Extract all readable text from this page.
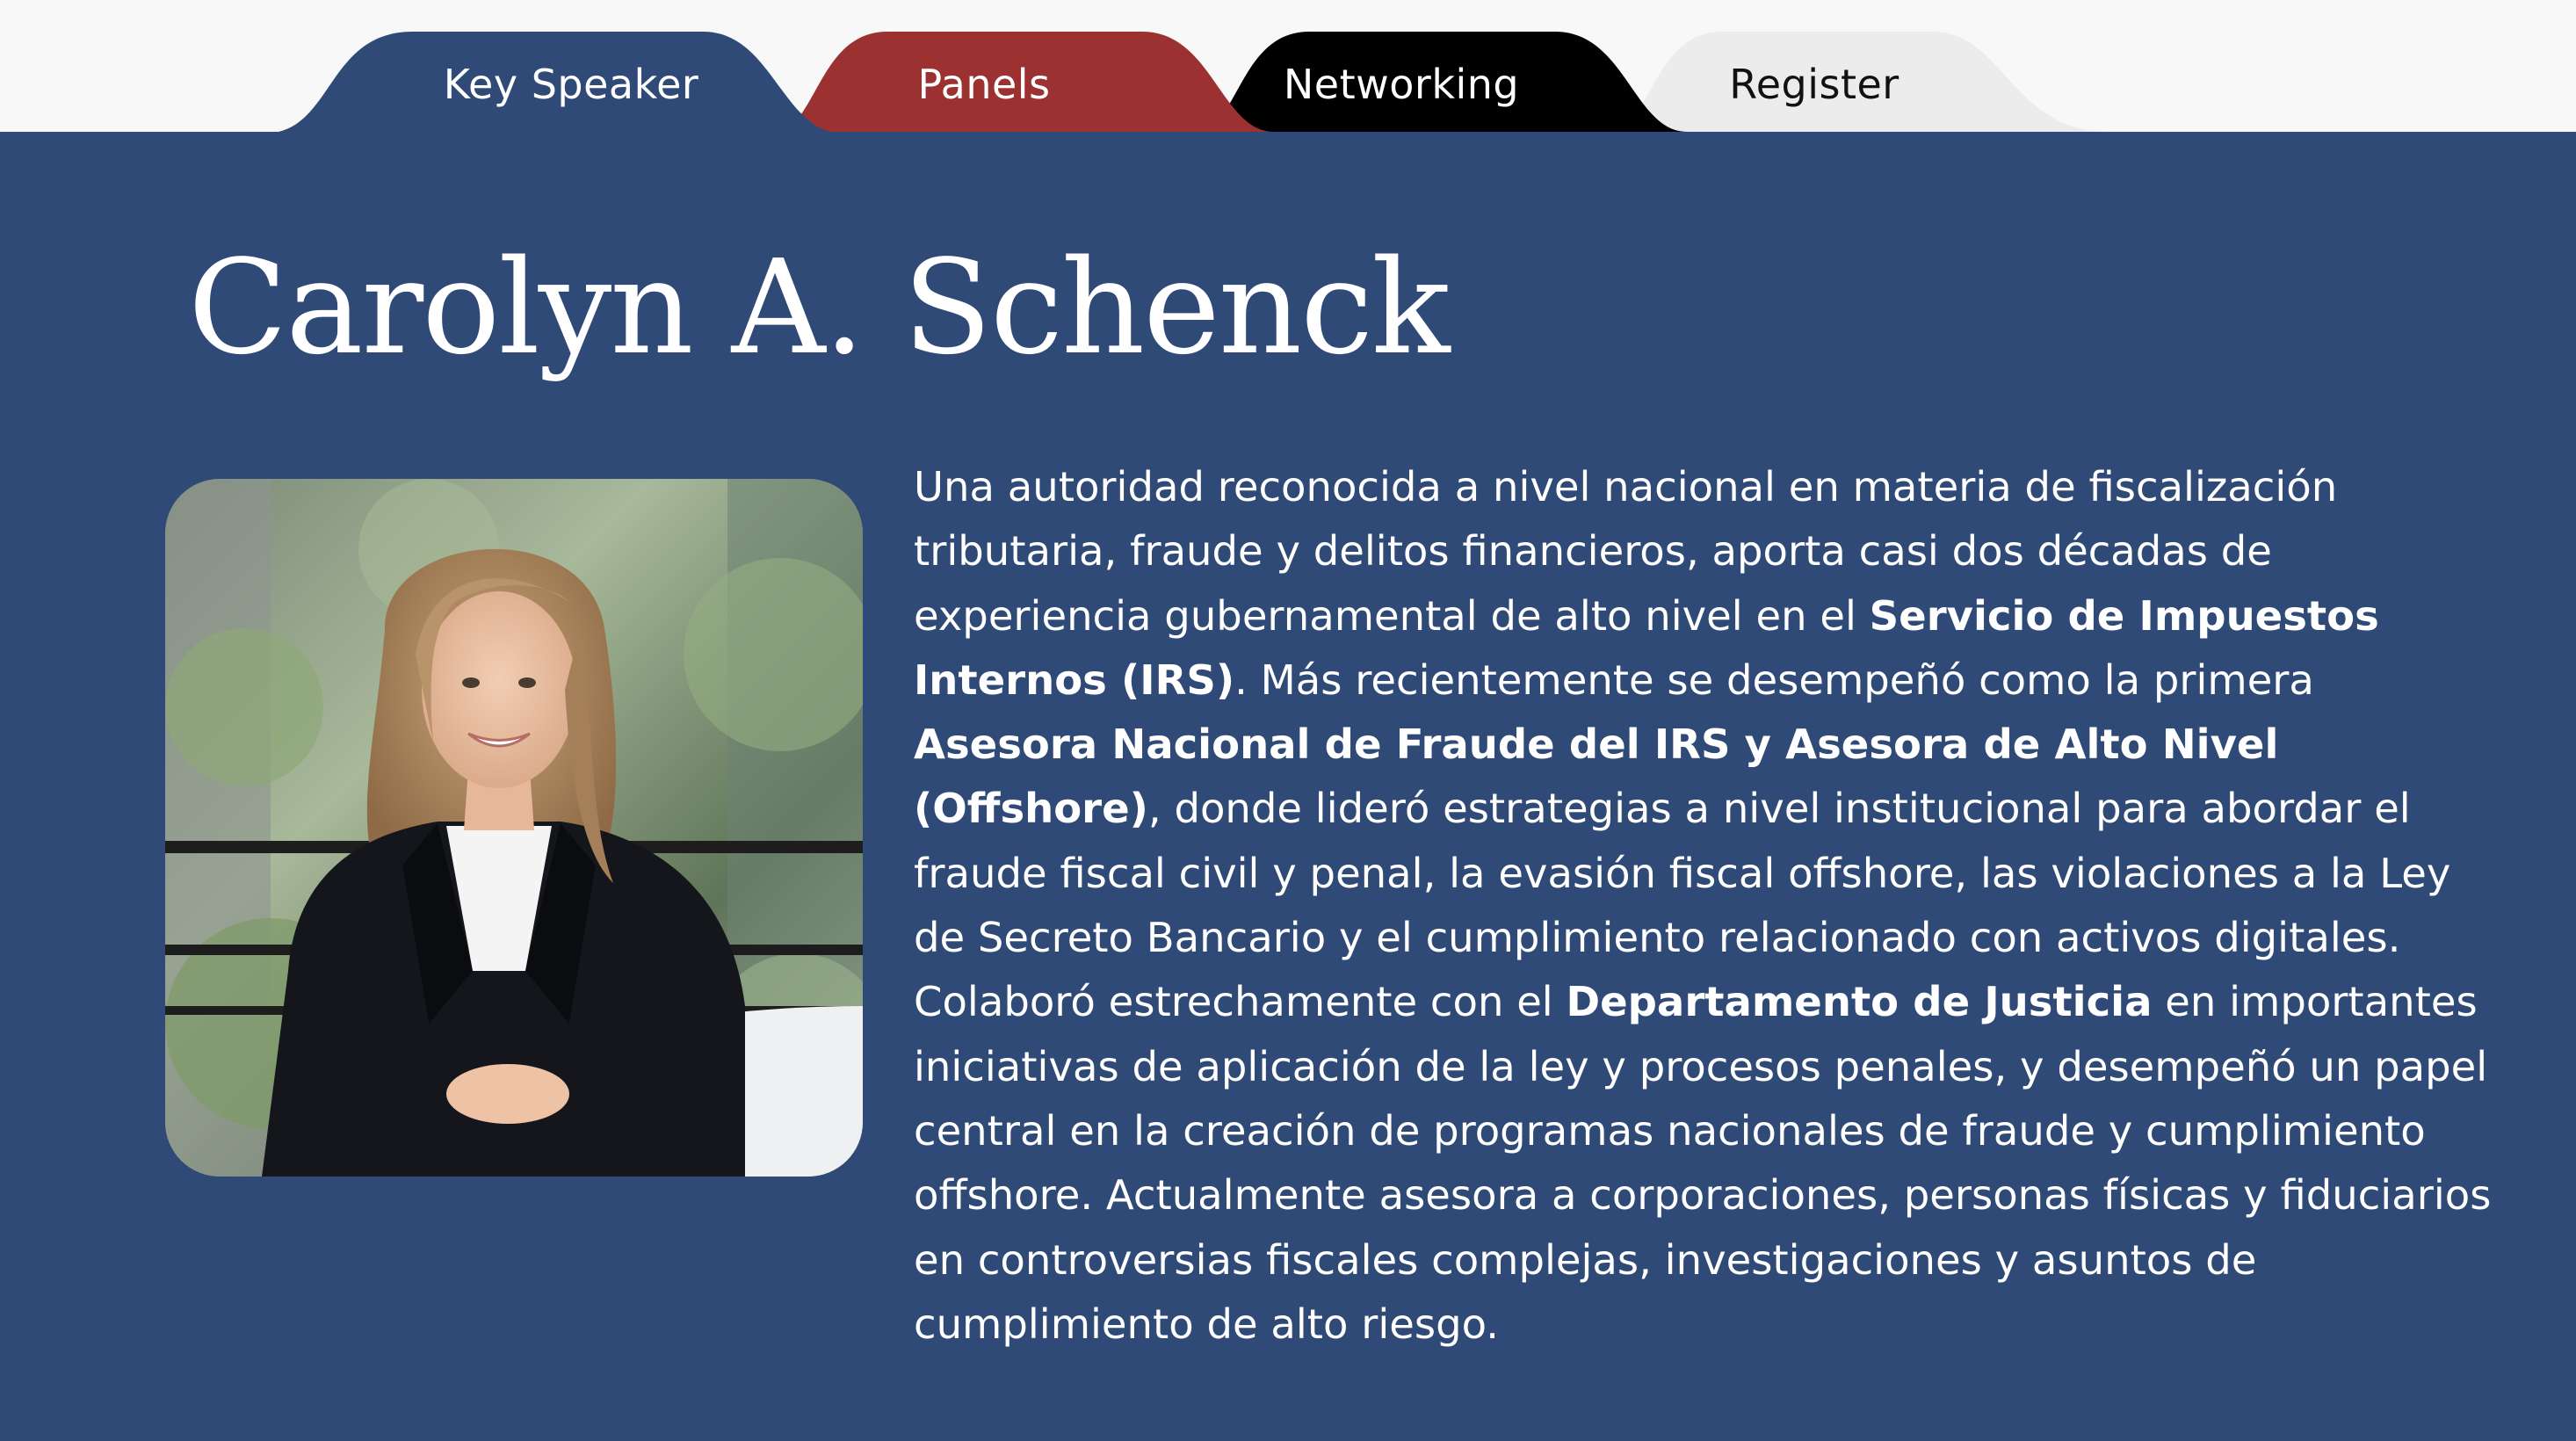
Key Speaker	Panels	Networking	Register
Carolyn A. Schenck

Una autoridad reconocida a nivel nacional en materia de fiscalización tributaria, fraude y delitos financieros, aporta casi dos décadas de experiencia gubernamental de alto nivel en el Servicio de Impuestos Internos (IRS). Más recientemente se desempeñó como la primera Asesora Nacional de Fraude del IRS y Asesora de Alto Nivel (Offshore), donde lideró estrategias a nivel institucional para abordar el fraude fiscal civil y penal, la evasión fiscal offshore, las violaciones a la Ley de Secreto Bancario y el cumplimiento relacionado con activos digitales. Colaboró estrechamente con el Departamento de Justicia en importantes iniciativas de aplicación de la ley y procesos penales, y desempeñó un papel central en la creación de programas nacionales de fraude y cumplimiento offshore. Actualmente asesora a corporaciones, personas físicas y fiduciarios en controversias fiscales complejas, investigaciones y asuntos de cumplimiento de alto riesgo.
